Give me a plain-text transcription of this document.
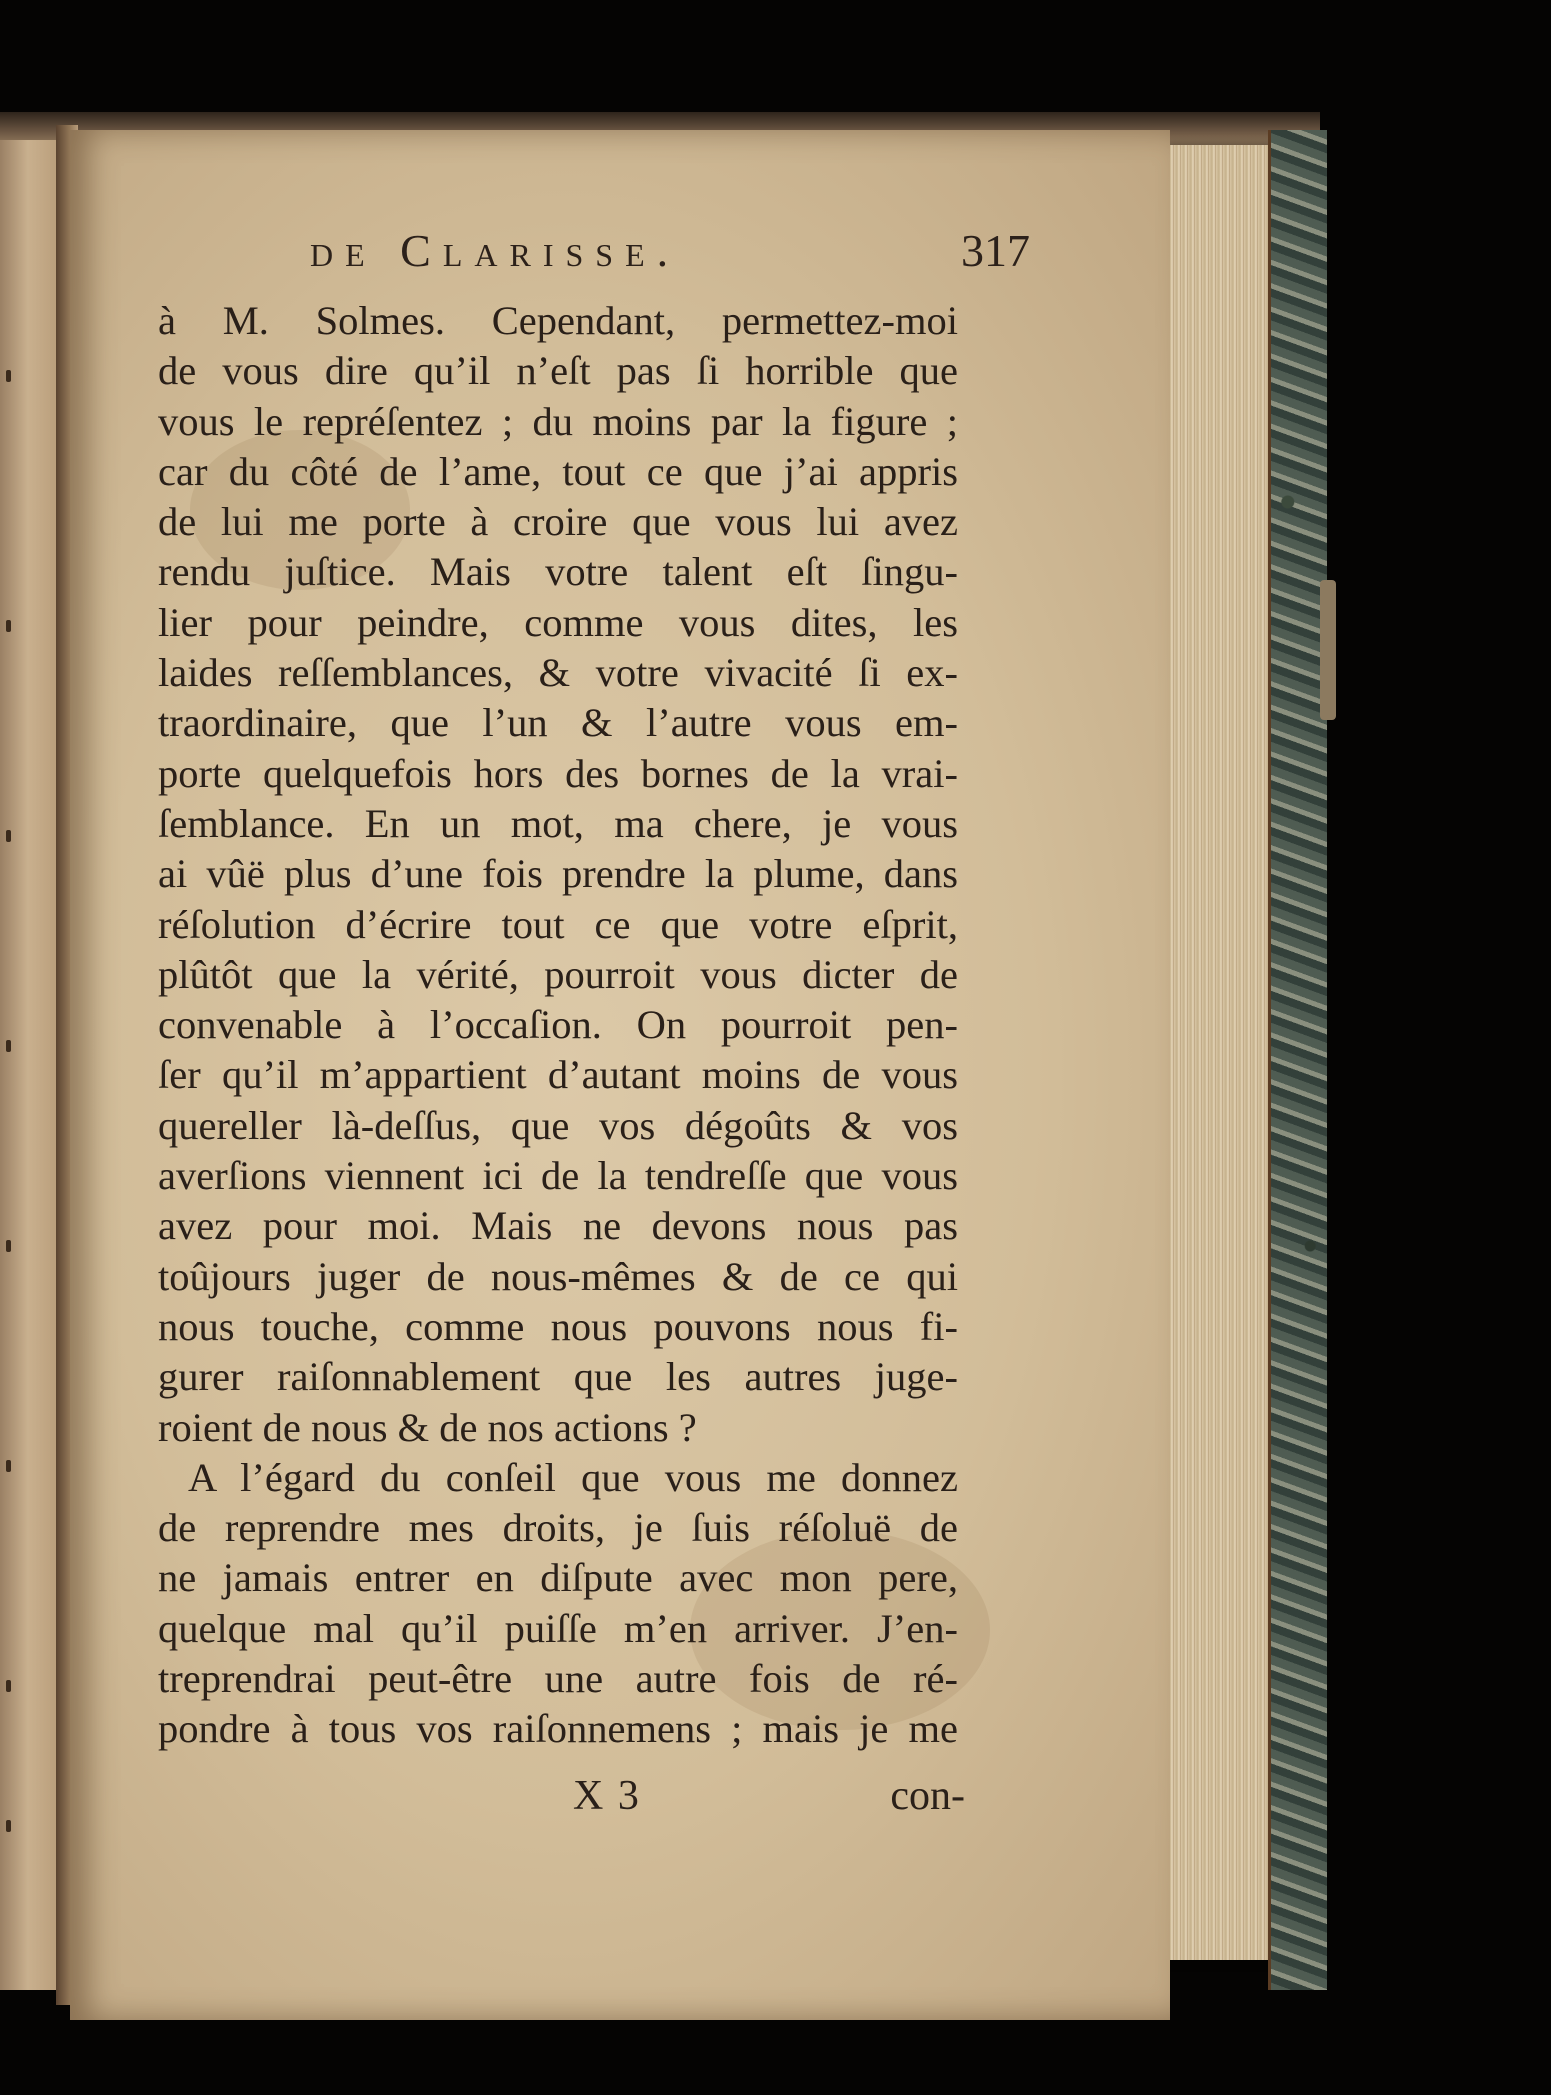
de Clarisse.	317
à M. Solmes. Cependant, permettez-moi
de vous dire qu’il n’eſt pas ſi horrible que
vous le repréſentez ; du moins par la figure ;
car du côté de l’ame, tout ce que j’ai appris
de lui me porte à croire que vous lui avez
rendu juſtice. Mais votre talent eſt ſingu-
lier pour peindre, comme vous dites, les
laides reſſemblances, & votre vivacité ſi ex-
traordinaire, que l’un & l’autre vous em-
porte quelquefois hors des bornes de la vrai-
ſemblance. En un mot, ma chere, je vous
ai vûë plus d’une fois prendre la plume, dans
réſolution d’écrire tout ce que votre eſprit,
plûtôt que la vérité, pourroit vous dicter de
convenable à l’occaſion. On pourroit pen-
ſer qu’il m’appartient d’autant moins de vous
quereller là-deſſus, que vos dégoûts & vos
averſions viennent ici de la tendreſſe que vous
avez pour moi. Mais ne devons nous pas
toûjours juger de nous-mêmes & de ce qui
nous touche, comme nous pouvons nous fi-
gurer raiſonnablement que les autres juge-
roient de nous & de nos actions ?
A l’égard du conſeil que vous me donnez
de reprendre mes droits, je ſuis réſoluë de
ne jamais entrer en diſpute avec mon pere,
quelque mal qu’il puiſſe m’en arriver. J’en-
treprendrai peut-être une autre fois de ré-
pondre à tous vos raiſonnemens ; mais je me
X 3	con-
